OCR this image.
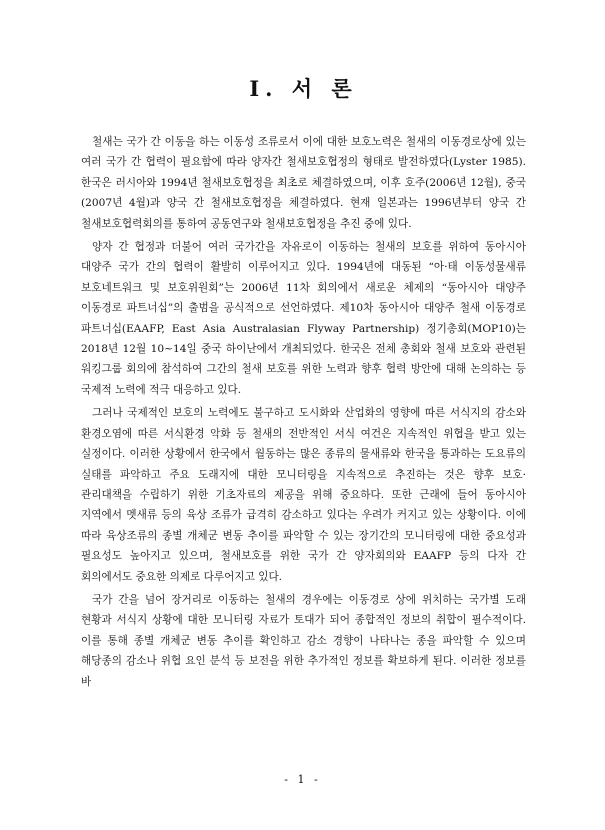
I. 서 론

철새는 국가 간 이동을 하는 이동성 조류로서 이에 대한 보호노력은 철새의 이동경로상에 있는 여러 국가 간 협력이 필요함에 따라 양자간 철새보호협정의 형태로 발전하였다(Lyster 1985). 한국은 러시아와 1994년 철새보호협정을 최초로 체결하였으며, 이후 호주(2006년 12월), 중국(2007년 4월)과 양국 간 철새보호협정을 체결하였다. 현재 일본과는 1996년부터 양국 간 철새보호협력회의를 통하여 공동연구와 철새보호협정을 추진 중에 있다.

양자 간 협정과 더불어 여러 국가간을 자유로이 이동하는 철새의 보호를 위하여 동아시아 대양주 국가 간의 협력이 활발히 이루어지고 있다. 1994년에 대동된 “아·태 이동성물새류 보호네트워크 및 보호위원회”는 2006년 11차 회의에서 새로운 체제의 “동아시아 대양주 이동경로 파트너십”의 출범을 공식적으로 선언하였다. 제10차 동아시아 대양주 철새 이동경로 파트너십(EAAFP, East Asia Australasian Flyway Partnership) 정기총회(MOP10)는 2018년 12월 10~14일 중국 하이난에서 개최되었다. 한국은 전체 총회와 철새 보호와 관련된 워킹그룹 회의에 참석하여 그간의 철새 보호를 위한 노력과 향후 협력 방안에 대해 논의하는 등 국제적 노력에 적극 대응하고 있다.

그러나 국제적인 보호의 노력에도 불구하고 도시화와 산업화의 영향에 따른 서식지의 감소와 환경오염에 따른 서식환경 악화 등 철새의 전반적인 서식 여건은 지속적인 위협을 받고 있는 실정이다. 이러한 상황에서 한국에서 월동하는 많은 종류의 물새류와 한국을 통과하는 도요류의 실태를 파악하고 주요 도래지에 대한 모니터링을 지속적으로 추진하는 것은 향후 보호·관리대책을 수립하기 위한 기초자료의 제공을 위해 중요하다. 또한 근래에 들어 동아시아 지역에서 멧새류 등의 육상 조류가 급격히 감소하고 있다는 우려가 커지고 있는 상황이다. 이에 따라 육상조류의 종별 개체군 변동 추이를 파악할 수 있는 장기간의 모니터링에 대한 중요성과 필요성도 높아지고 있으며, 철새보호를 위한 국가 간 양자회의와 EAAFP 등의 다자 간 회의에서도 중요한 의제로 다루어지고 있다.

국가 간을 넘어 장거리로 이동하는 철새의 경우에는 이동경로 상에 위치하는 국가별 도래 현황과 서식지 상황에 대한 모니터링 자료가 토대가 되어 종합적인 정보의 취합이 필수적이다. 이를 통해 종별 개체군 변동 추이를 확인하고 감소 경향이 나타나는 종을 파악할 수 있으며 해당종의 감소나 위협 요인 분석 등 보전을 위한 추가적인 정보를 확보하게 된다. 이러한 정보를 바

- 1 -
